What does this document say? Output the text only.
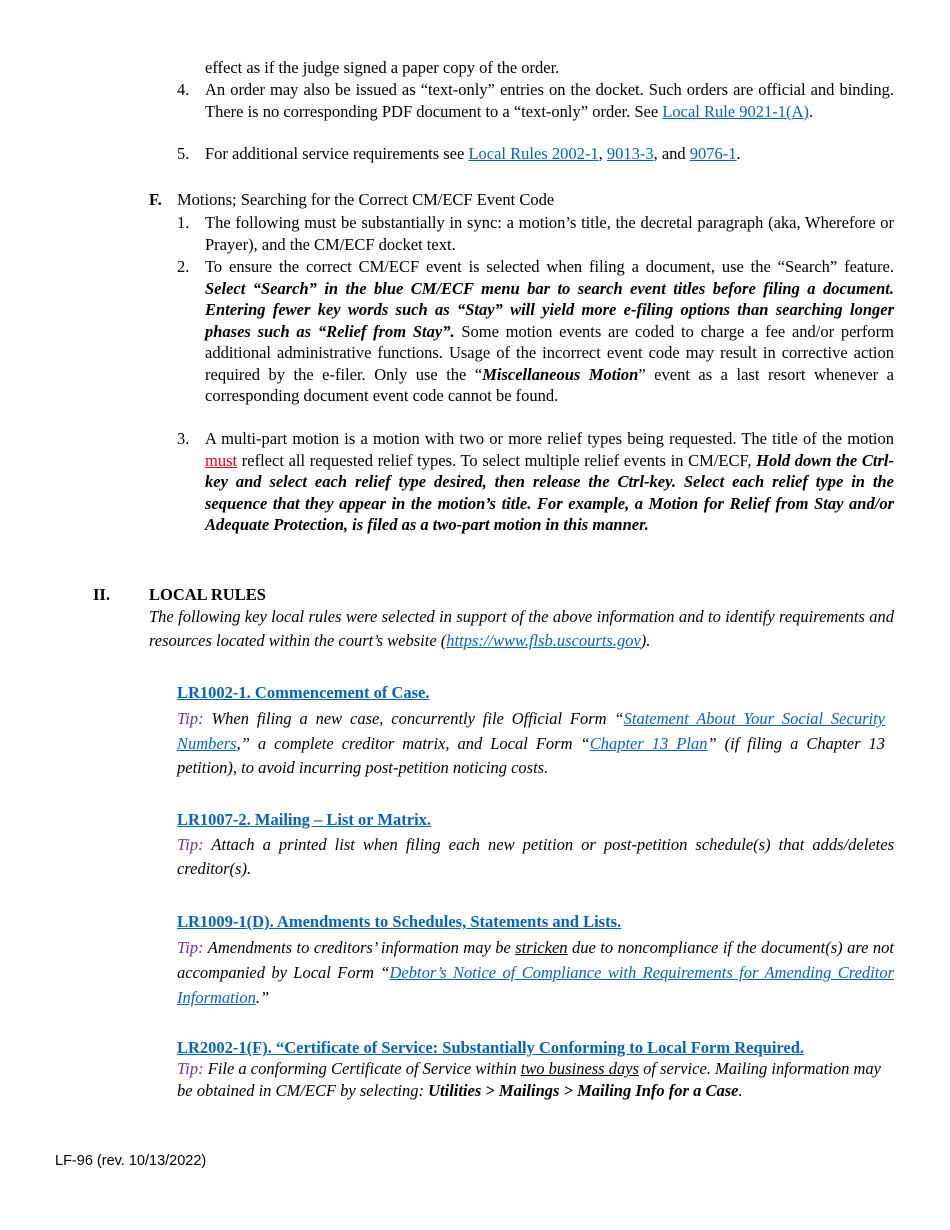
effect as if the judge signed a paper copy of the order.
4. An order may also be issued as “text-only” entries on the docket. Such orders are official and binding. There is no corresponding PDF document to a “text-only” order. See Local Rule 9021-1(A).
5. For additional service requirements see Local Rules 2002-1, 9013-3, and 9076-1.
F. Motions; Searching for the Correct CM/ECF Event Code
1. The following must be substantially in sync: a motion’s title, the decretal paragraph (aka, Wherefore or Prayer), and the CM/ECF docket text.
2. To ensure the correct CM/ECF event is selected when filing a document, use the “Search” feature. Select “Search” in the blue CM/ECF menu bar to search event titles before filing a document. Entering fewer key words such as “Stay” will yield more e-filing options than searching longer phases such as “Relief from Stay”. Some motion events are coded to charge a fee and/or perform additional administrative functions. Usage of the incorrect event code may result in corrective action required by the e-filer. Only use the “Miscellaneous Motion” event as a last resort whenever a corresponding document event code cannot be found.
3. A multi-part motion is a motion with two or more relief types being requested. The title of the motion must reflect all requested relief types. To select multiple relief events in CM/ECF, Hold down the Ctrl-key and select each relief type desired, then release the Ctrl-key. Select each relief type in the sequence that they appear in the motion’s title. For example, a Motion for Relief from Stay and/or Adequate Protection, is filed as a two-part motion in this manner.
II. LOCAL RULES
The following key local rules were selected in support of the above information and to identify requirements and resources located within the court’s website (https://www.flsb.uscourts.gov).
LR1002-1. Commencement of Case.
Tip: When filing a new case, concurrently file Official Form “Statement About Your Social Security Numbers,” a complete creditor matrix, and Local Form “Chapter 13 Plan” (if filing a Chapter 13 petition), to avoid incurring post-petition noticing costs.
LR1007-2. Mailing – List or Matrix.
Tip: Attach a printed list when filing each new petition or post-petition schedule(s) that adds/deletes creditor(s).
LR1009-1(D). Amendments to Schedules, Statements and Lists.
Tip: Amendments to creditors’ information may be stricken due to noncompliance if the document(s) are not accompanied by Local Form “Debtor’s Notice of Compliance with Requirements for Amending Creditor Information.”
LR2002-1(F). “Certificate of Service: Substantially Conforming to Local Form Required.
Tip: File a conforming Certificate of Service within two business days of service. Mailing information may be obtained in CM/ECF by selecting: Utilities > Mailings > Mailing Info for a Case.
LF-96 (rev. 10/13/2022)
